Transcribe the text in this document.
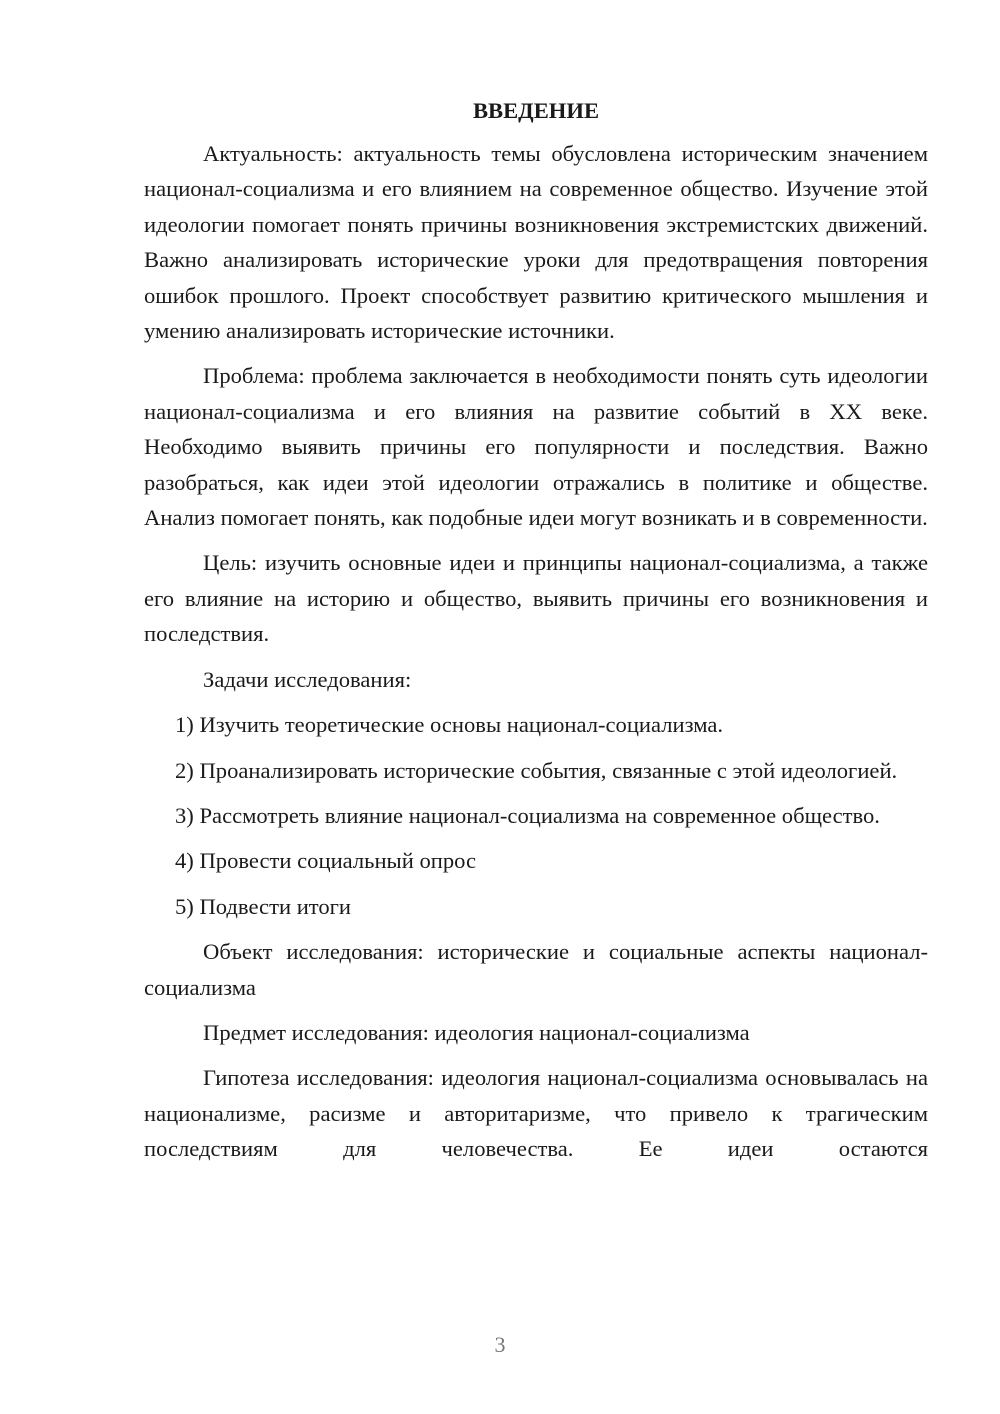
ВВЕДЕНИЕ

Актуальность: актуальность темы обусловлена историческим значением национал-социализма и его влиянием на современное общество. Изучение этой идеологии помогает понять причины возникновения экстремистских движений. Важно анализировать исторические уроки для предотвращения повторения ошибок прошлого. Проект способствует развитию критического мышления и умению анализировать исторические источники.

Проблема: проблема заключается в необходимости понять суть идеологии национал-социализма и его влияния на развитие событий в XX веке. Необходимо выявить причины его популярности и последствия. Важно разобраться, как идеи этой идеологии отражались в политике и обществе. Анализ помогает понять, как подобные идеи могут возникать и в современности.

Цель: изучить основные идеи и принципы национал-социализма, а также его влияние на историю и общество, выявить причины его возникновения и последствия.

Задачи исследования:

1) Изучить теоретические основы национал-социализма.

2) Проанализировать исторические события, связанные с этой идеологией.

3) Рассмотреть влияние национал-социализма на современное общество.

4) Провести социальный опрос

5) Подвести итоги

Объект исследования: исторические и социальные аспекты национал-социализма

Предмет исследования: идеология национал-социализма

Гипотеза исследования: идеология национал-социализма основывалась на национализме, расизме и авторитаризме, что привело к трагическим последствиям для человечества. Ее идеи остаются

3
